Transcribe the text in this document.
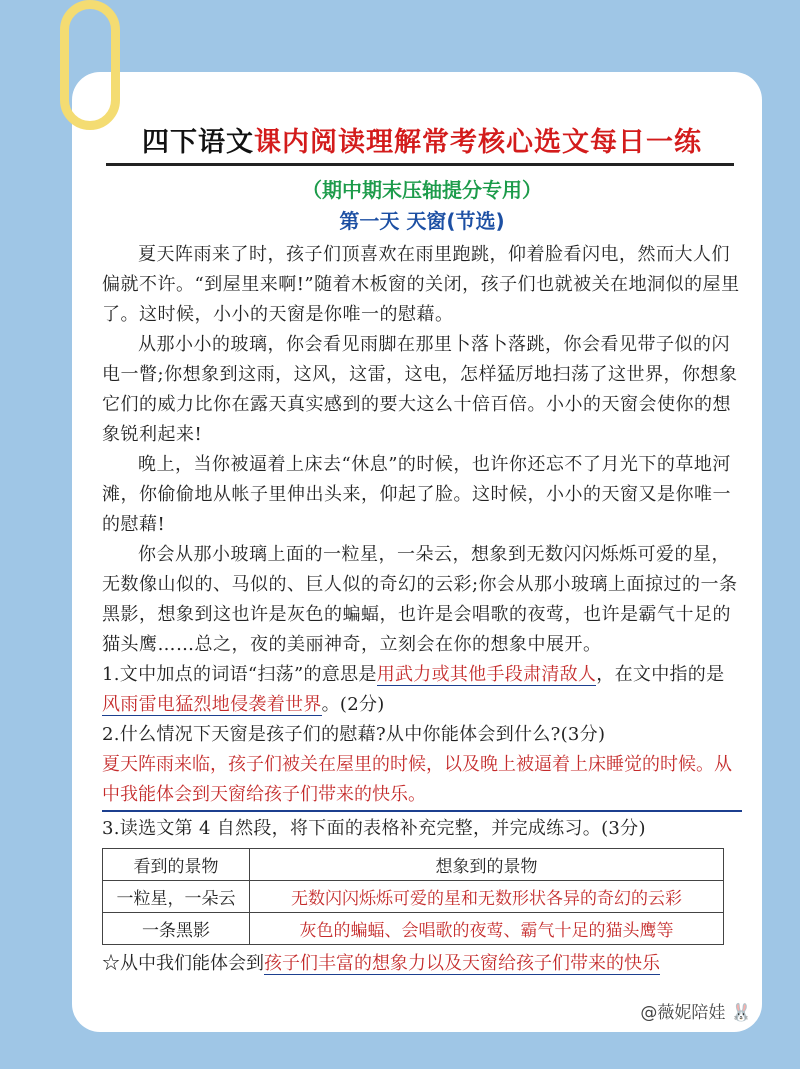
四下语文课内阅读理解常考核心选文每日一练
（期中期末压轴提分专用）
第一天 天窗(节选)

夏天阵雨来了时，孩子们顶喜欢在雨里跑跳，仰着脸看闪电，然而大人们偏就不许。“到屋里来啊!”随着木板窗的关闭，孩子们也就被关在地洞似的屋里了。这时候，小小的天窗是你唯一的慰藉。

从那小小的玻璃，你会看见雨脚在那里卜落卜落跳，你会看见带子似的闪电一瞥;你想象到这雨，这风，这雷，这电，怎样猛厉地扫荡了这世界，你想象它们的威力比你在露天真实感到的要大这么十倍百倍。小小的天窗会使你的想象锐利起来!

晚上，当你被逼着上床去“休息”的时候，也许你还忘不了月光下的草地河滩，你偷偷地从帐子里伸出头来，仰起了脸。这时候，小小的天窗又是你唯一的慰藉!

你会从那小玻璃上面的一粒星，一朵云，想象到无数闪闪烁烁可爱的星，无数像山似的、马似的、巨人似的奇幻的云彩;你会从那小玻璃上面掠过的一条黑影，想象到这也许是灰色的蝙蝠，也许是会唱歌的夜莺，也许是霸气十足的猫头鹰……总之，夜的美丽神奇，立刻会在你的想象中展开。

1.文中加点的词语“扫荡”的意思是用武力或其他手段肃清敌人，在文中指的是风雨雷电猛烈地侵袭着世界。(2分)

2.什么情况下天窗是孩子们的慰藉?从中你能体会到什么?(3分)

夏天阵雨来临，孩子们被关在屋里的时候，以及晚上被逼着上床睡觉的时候。从中我能体会到天窗给孩子们带来的快乐。

3.读选文第 4 自然段，将下面的表格补充完整，并完成练习。(3分)

看到的景物	想象到的景物
一粒星，一朵云	无数闪闪烁烁可爱的星和无数形状各异的奇幻的云彩
一条黑影	灰色的蝙蝠、会唱歌的夜莺、霸气十足的猫头鹰等

☆从中我们能体会到孩子们丰富的想象力以及天窗给孩子们带来的快乐

@薇妮陪娃 🐰
